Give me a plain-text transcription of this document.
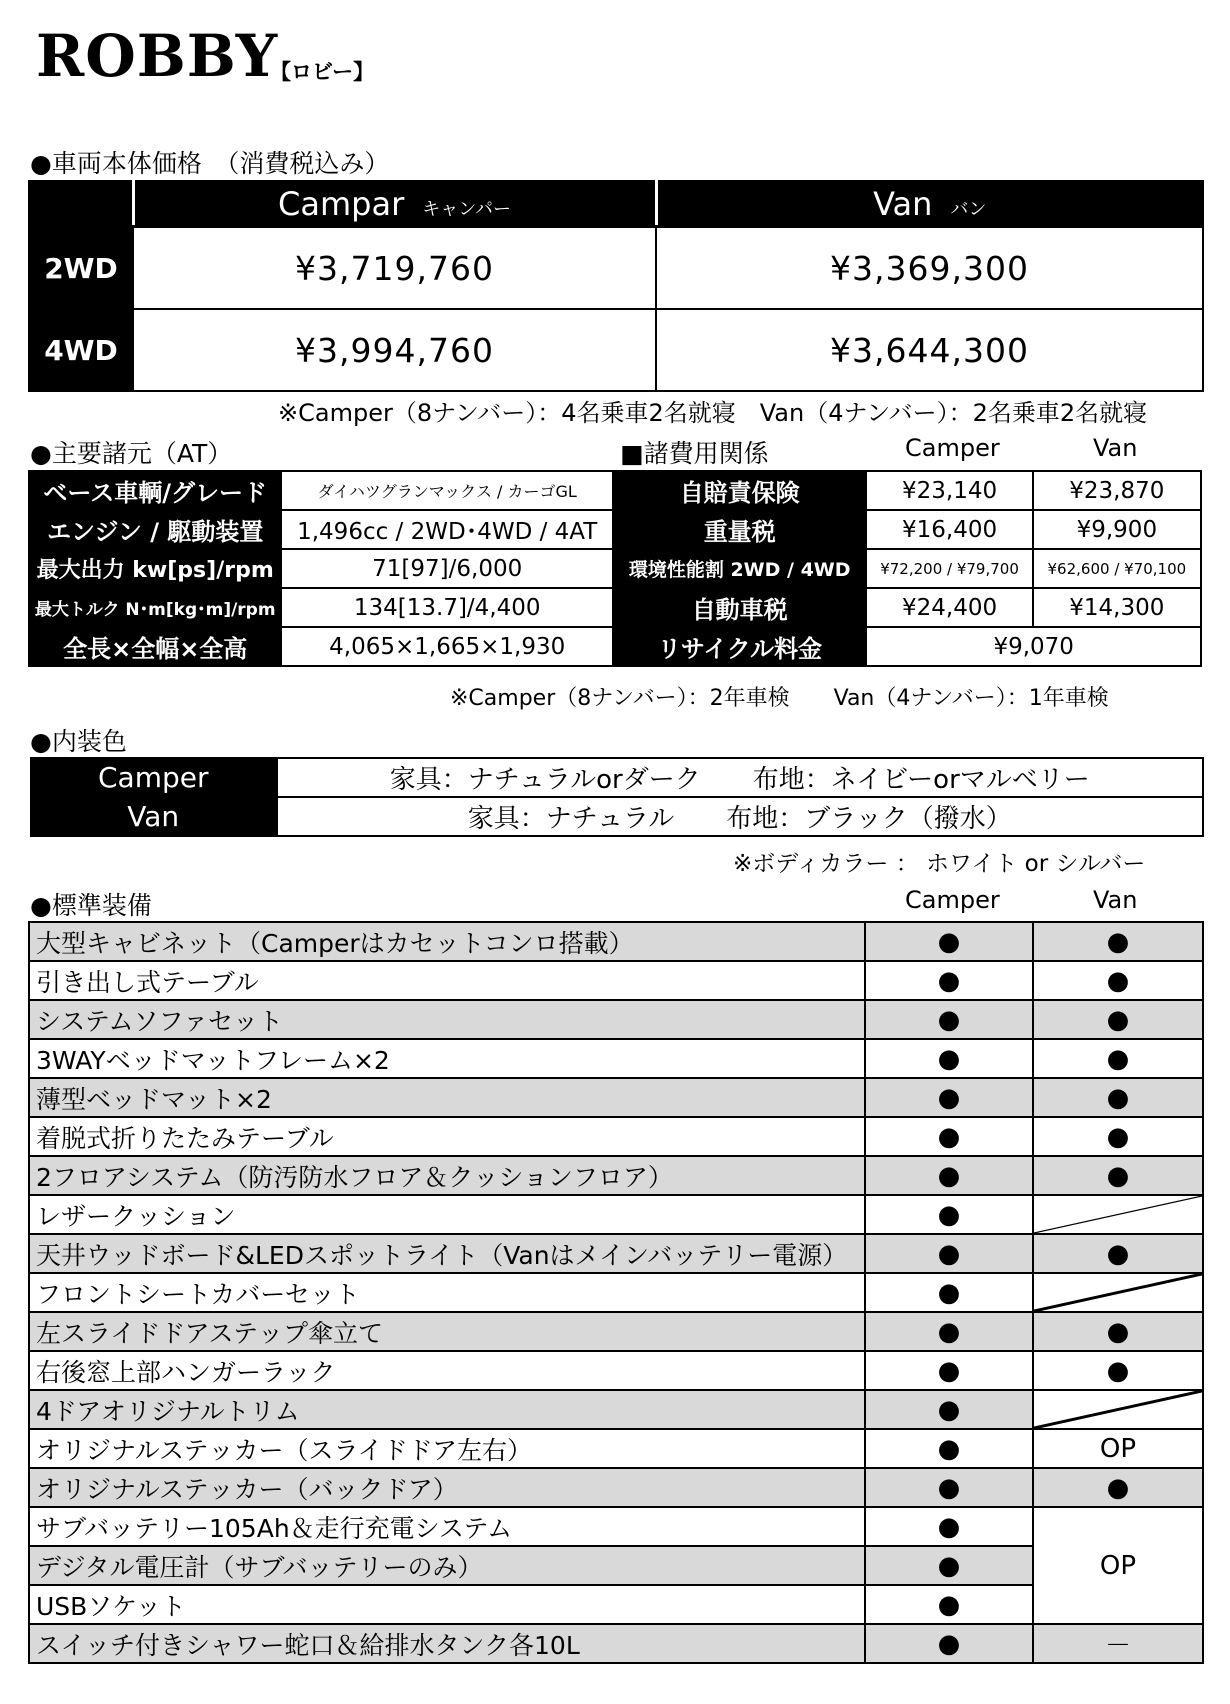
ROBBY
【ロビー】
●車両本体価格　（消費税込み）
	Campar キャンパー	Van バン
2WD	¥3,719,760	¥3,369,300
4WD	¥3,994,760	¥3,644,300
※Camper（8ナンバー）：4名乗車2名就寝　Van（4ナンバー）：2名乗車2名就寝
●主要諸元（AT）	■諸費用関係	Camper	Van
ベース車輌/グレード	ダイハツグランマックス / カーゴGL	自賠責保険	¥23,140	¥23,870
エンジン / 駆動装置	1,496cc / 2WD･4WD / 4AT	重量税	¥16,400	¥9,900
最大出力 kw[ps]/rpm	71[97]/6,000	環境性能割 2WD / 4WD	¥72,200 / ¥79,700	¥62,600 / ¥70,100
最大トルク N･m[kg･m]/rpm	134[13.7]/4,400	自動車税	¥24,400	¥14,300
全長×全幅×全高	4,065×1,665×1,930	リサイクル料金	¥9,070	
※Camper（8ナンバー）：2年車検　　Van（4ナンバー）：1年車検
●内装色
Camper	家具：ナチュラルorダーク　　布地：ネイビーorマルベリー
Van	家具：ナチュラル　　布地：ブラック（撥水）
※ボディカラー ： ホワイト or シルバー
●標準装備	Camper	Van
大型キャビネット（Camperはカセットコンロ搭載）	●	●
引き出し式テーブル	●	●
システムソファセット	●	●
3WAYベッドマットフレーム×2	●	●
薄型ベッドマット×2	●	●
着脱式折りたたみテーブル	●	●
2フロアシステム（防汚防水フロア＆クッションフロア）	●	●
レザークッション	●	

天井ウッドボード&LEDスポットライト（Vanはメインバッテリー電源）	●	●
フロントシートカバーセット	●	

左スライドドアステップ傘立て	●	●
右後窓上部ハンガーラック	●	●
4ドアオリジナルトリム	●	

オリジナルステッカー（スライドドア左右）	●	OP
オリジナルステッカー（バックドア）	●	●
サブバッテリー105Ah＆走行充電システム	●	OP
デジタル電圧計（サブバッテリーのみ）	●	
USBソケット	●	
スイッチ付きシャワー蛇口＆給排水タンク各10L	●	－
